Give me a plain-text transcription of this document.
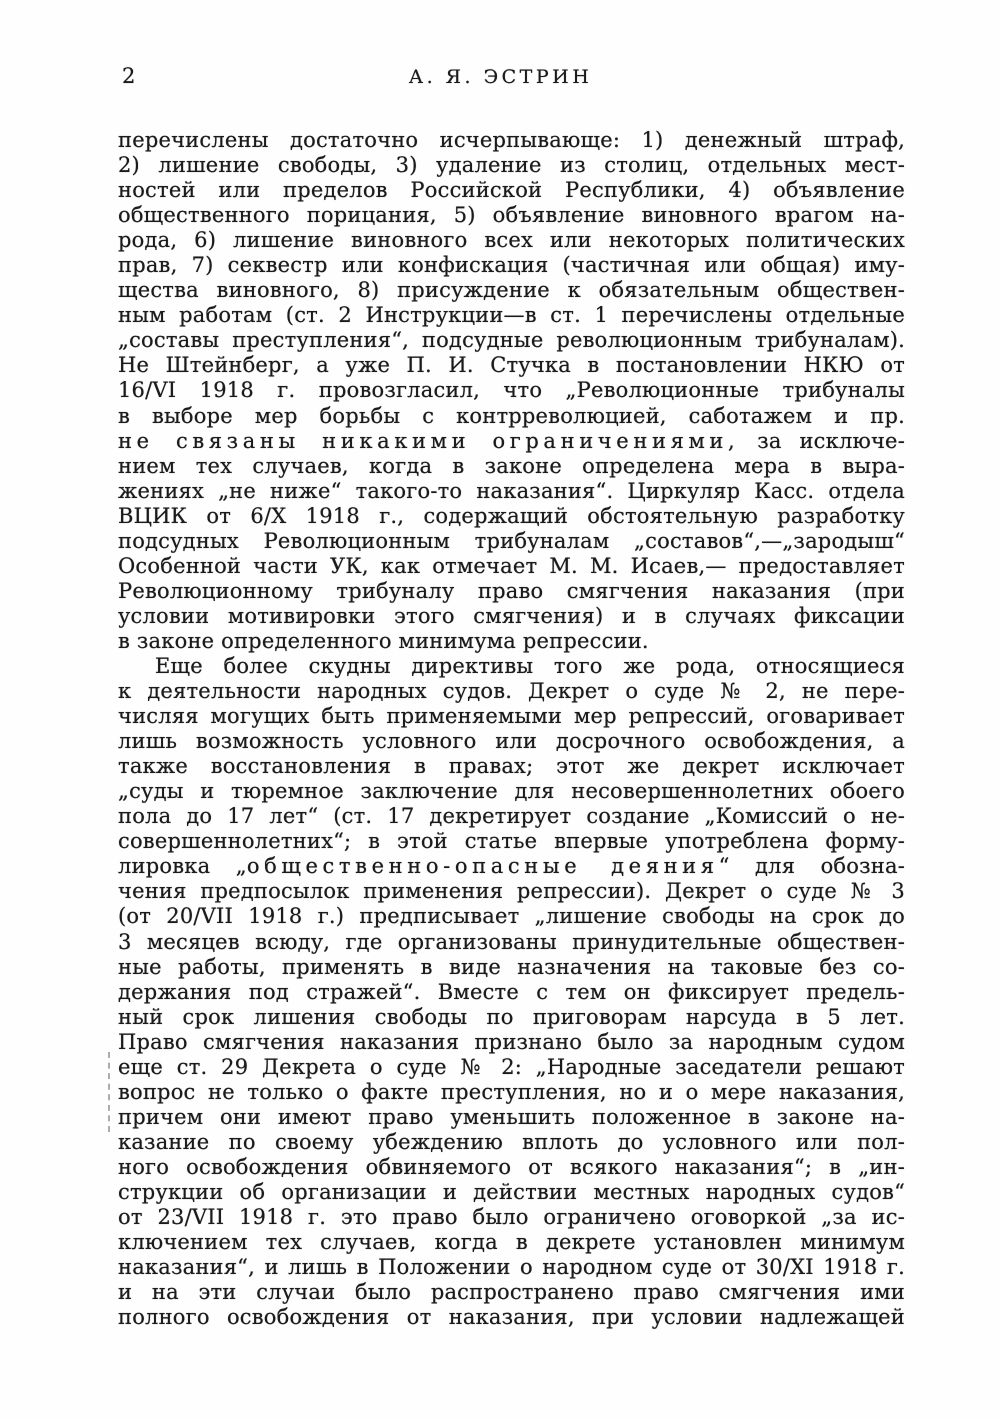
2	А. Я. ЭСТРИН
перечислены достаточно исчерпывающе: 1) денежный штраф,
2) лишение свободы, 3) удаление из столиц, отдельных мест-
ностей или пределов Российской Республики, 4) объявление
общественного порицания, 5) объявление виновного врагом на-
рода, 6) лишение виновного всех или некоторых политических
прав, 7) секвестр или конфискация (частичная или общая) иму-
щества виновного, 8) присуждение к обязательным обществен-
ным работам (ст. 2 Инструкции—в ст. 1 перечислены отдельные
„составы преступления“, подсудные революционным трибуналам).
Не Штейнберг, а уже П. И. Стучка в постановлении НКЮ от
16/VI 1918 г. провозгласил, что „Революционные трибуналы
в выборе мер борьбы с контрреволюцией, саботажем и пр.
не связаны никакими ограничениями, за исключе-
нием тех случаев, когда в законе определена мера в выра-
жениях „не ниже“ такого-то наказания“. Циркуляр Касс. отдела
ВЦИК от 6/X 1918 г., содержащий обстоятельную разработку
подсудных Революционным трибуналам „составов“,—„зародыш“
Особенной части УК, как отмечает М. М. Исаев,— предоставляет
Революционному трибуналу право смягчения наказания (при
условии мотивировки этого смягчения) и в случаях фиксации
в законе определенного минимума репрессии.
Еще более скудны директивы того же рода, относящиеся
к деятельности народных судов. Декрет о суде № 2, не пере-
числяя могущих быть применяемыми мер репрессий, оговаривает
лишь возможность условного или досрочного освобождения, а
также восстановления в правах; этот же декрет исключает
„суды и тюремное заключение для несовершеннолетних обоего
пола до 17 лет“ (ст. 17 декретирует создание „Комиссий о не-
совершеннолетних“; в этой статье впервые употреблена форму-
лировка „общественно-опасные деяния“ для обозна-
чения предпосылок применения репрессии). Декрет о суде № 3
(от 20/VII 1918 г.) предписывает „лишение свободы на срок до
3 месяцев всюду, где организованы принудительные обществен-
ные работы, применять в виде назначения на таковые без со-
держания под стражей“. Вместе с тем он фиксирует предель-
ный срок лишения свободы по приговорам нарсуда в 5 лет.
Право смягчения наказания признано было за народным судом
еще ст. 29 Декрета о суде № 2: „Народные заседатели решают
вопрос не только о факте преступления, но и о мере наказания,
причем они имеют право уменьшить положенное в законе на-
казание по своему убеждению вплоть до условного или пол-
ного освобождения обвиняемого от всякого наказания“; в „ин-
струкции об организации и действии местных народных судов“
от 23/VII 1918 г. это право было ограничено оговоркой „за ис-
ключением тех случаев, когда в декрете установлен минимум
наказания“, и лишь в Положении о народном суде от 30/XI 1918 г.
и на эти случаи было распространено право смягчения ими
полного освобождения от наказания, при условии надлежащей
